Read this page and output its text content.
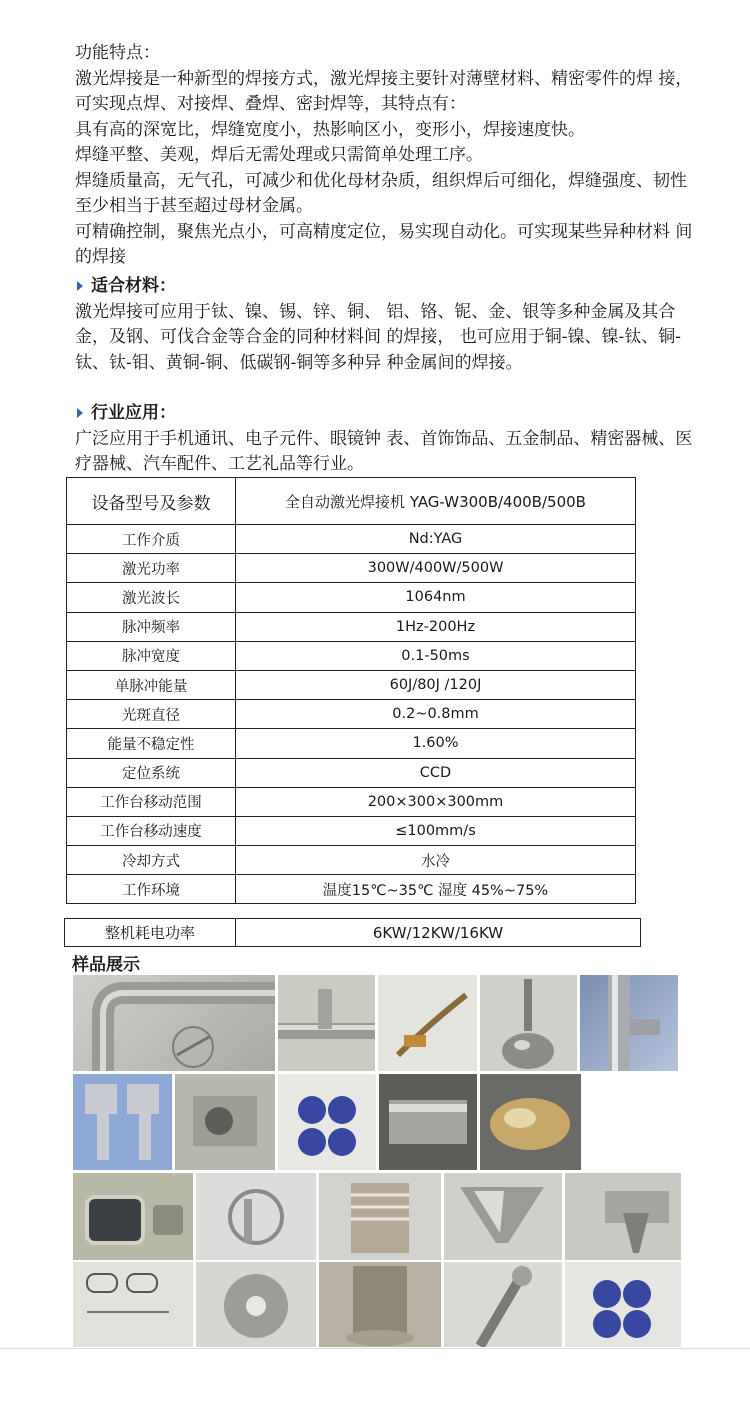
功能特点：

激光焊接是一种新型的焊接方式，激光焊接主要针对薄壁材料、精密零件的焊 接，可实现点焊、对接焊、叠焊、密封焊等，其特点有：

具有高的深宽比，焊缝宽度小，热影响区小，变形小，焊接速度快。

焊缝平整、美观，焊后无需处理或只需简单处理工序。

焊缝质量高，无气孔，可减少和优化母材杂质，组织焊后可细化，焊缝强度、韧性至少相当于甚至超过母材金属。

可精确控制，聚焦光点小，可高精度定位，易实现自动化。可实现某些异种材料 间的焊接

适合材料：

激光焊接可应用于钛、镍、锡、锌、铜、 铝、铬、铌、金、银等多种金属及其合 金，及钢、可伐合金等合金的同种材料间 的焊接， 也可应用于铜-镍、镍-钛、铜- 钛、钛-钼、黄铜-铜、低碳钢-铜等多种异 种金属间的焊接。

行业应用：

广泛应用于手机通讯、电子元件、眼镜钟 表、首饰饰品、五金制品、精密器械、医 疗器械、汽车配件、工艺礼品等行业。

设备型号及参数	全自动激光焊接机 YAG-W300B/400B/500B
工作介质	Nd:YAG
激光功率	300W/400W/500W
激光波长	1064nm
脉冲频率	1Hz-200Hz
脉冲宽度	0.1-50ms
单脉冲能量	60J/80J /120J
光斑直径	0.2~0.8mm
能量不稳定性	1.60%
定位系统	CCD
工作台移动范围	200×300×300mm
工作台移动速度	≤100mm/s
冷却方式	水冷
工作环境	温度15℃~35℃ 湿度 45%~75%
整机耗电功率	6KW/12KW/16KW
样品展示
